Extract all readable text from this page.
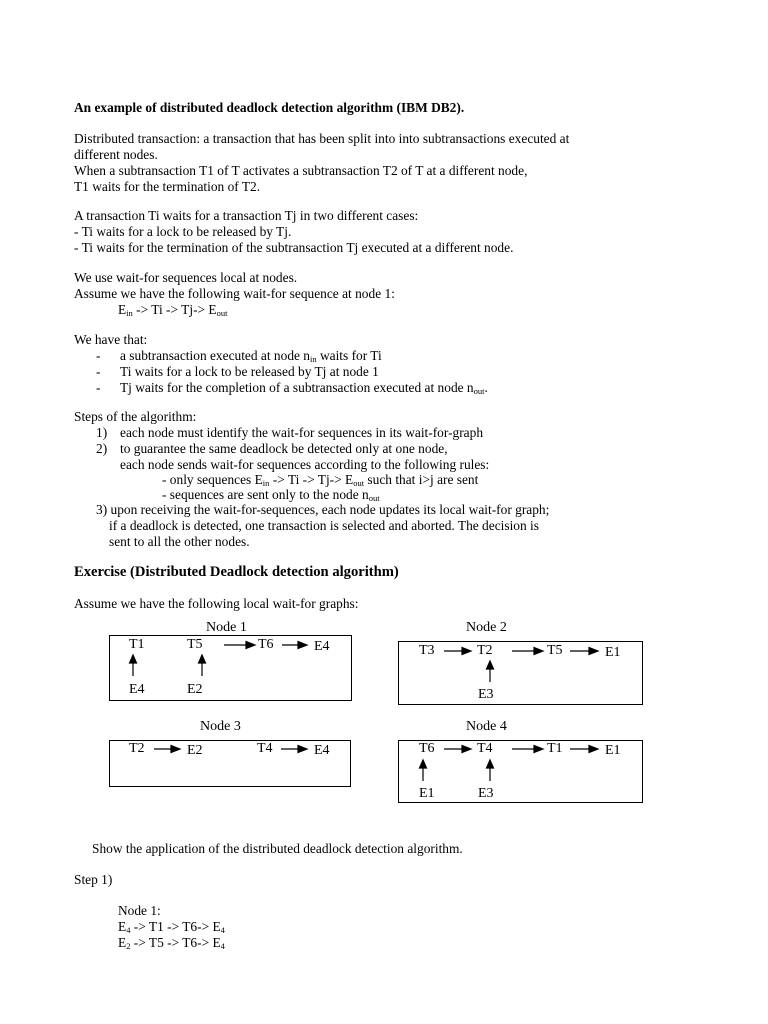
An example of distributed deadlock detection algorithm (IBM DB2).
Distributed transaction: a transaction that has been split into into subtransactions executed at
different nodes.
When a subtransaction T1 of T activates a subtransaction T2 of T at a different node,
T1 waits for the termination of T2.
A transaction Ti waits for a transaction Tj in two different cases:
- Ti waits for a lock to be released by Tj.
- Ti waits for the termination of the subtransaction Tj executed at a different node.
We use wait-for sequences local at nodes.
Assume we have the following wait-for sequence at node 1:
$E_{in} -> Ti -> Tj-> E_{out}$
We have that:
- a subtransaction executed at node $n_{in}$ waits for Ti
- Ti waits for a lock to be released by Tj at node 1
- Tj waits for the completion of a subtransaction executed at node $n_{out}$.
Steps of the algorithm:
1) each node must identify the wait-for sequences in its wait-for-graph
2) to guarantee the same deadlock be detected only at one node,
each node sends wait-for sequences according to the following rules:
- only sequences $E_{in} -> Ti -> Tj-> E_{out}$ such that i>j are sent
- sequences are sent only to the node $n_{out}$
3) upon receiving the wait-for-sequences, each node updates its local wait-for graph;
if a deadlock is detected, one transaction is selected and aborted. The decision is
sent to all the other nodes.
Exercise (Distributed Deadlock detection algorithm)
Assume we have the following local wait-for graphs:
Node 1
T1	T5	T6	E4
E4	E2
Node 2
T3	T2	T5	E1
E3
Node 3
T2	E2	T4	E4
Node 4
T6	T4	T1	E1
E1	E3
Show the application of the distributed deadlock detection algorithm.
Step 1)
Node 1:
$E_4 -> T1 -> T6-> E_4$
$E_2 -> T5 -> T6-> E_4$
